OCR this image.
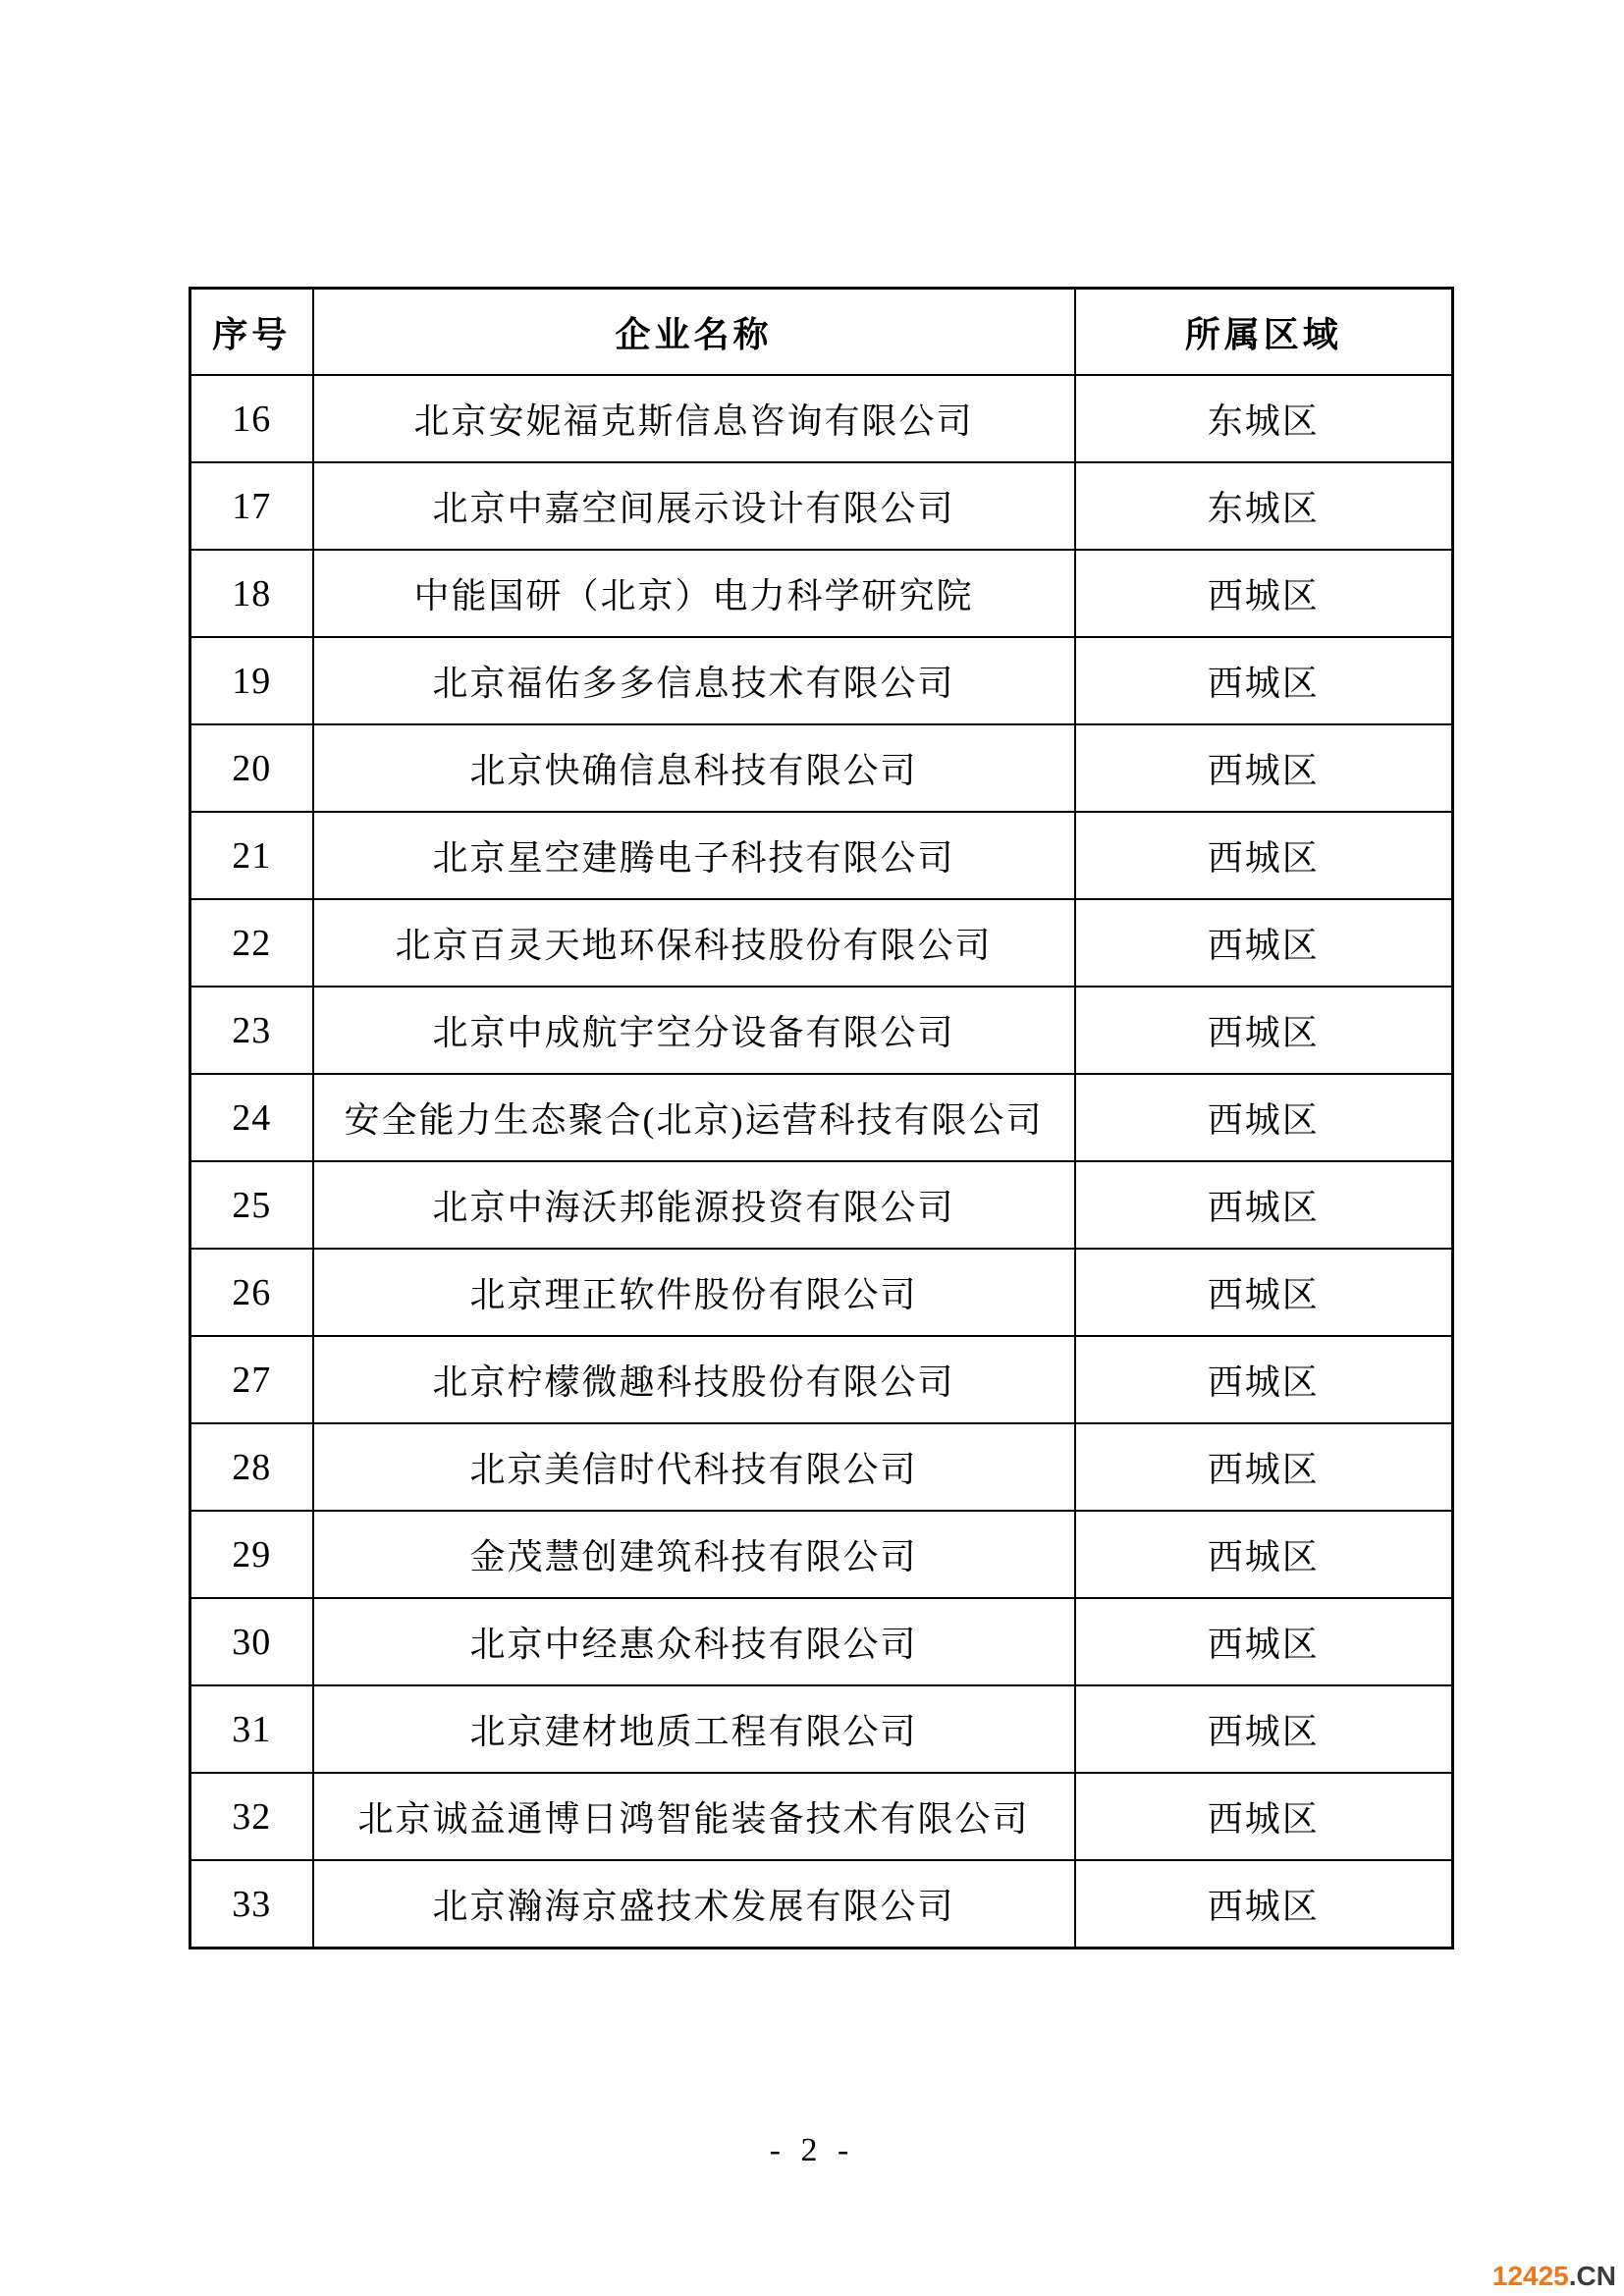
序号	企业名称	所属区域
16	北京安妮福克斯信息咨询有限公司	东城区
17	北京中嘉空间展示设计有限公司	东城区
18	中能国研（北京）电力科学研究院	西城区
19	北京福佑多多信息技术有限公司	西城区
20	北京快确信息科技有限公司	西城区
21	北京星空建腾电子科技有限公司	西城区
22	北京百灵天地环保科技股份有限公司	西城区
23	北京中成航宇空分设备有限公司	西城区
24	安全能力生态聚合(北京)运营科技有限公司	西城区
25	北京中海沃邦能源投资有限公司	西城区
26	北京理正软件股份有限公司	西城区
27	北京柠檬微趣科技股份有限公司	西城区
28	北京美信时代科技有限公司	西城区
29	金茂慧创建筑科技有限公司	西城区
30	北京中经惠众科技有限公司	西城区
31	北京建材地质工程有限公司	西城区
32	北京诚益通博日鸿智能装备技术有限公司	西城区
33	北京瀚海京盛技术发展有限公司	西城区
- 2 -
12425.CN
